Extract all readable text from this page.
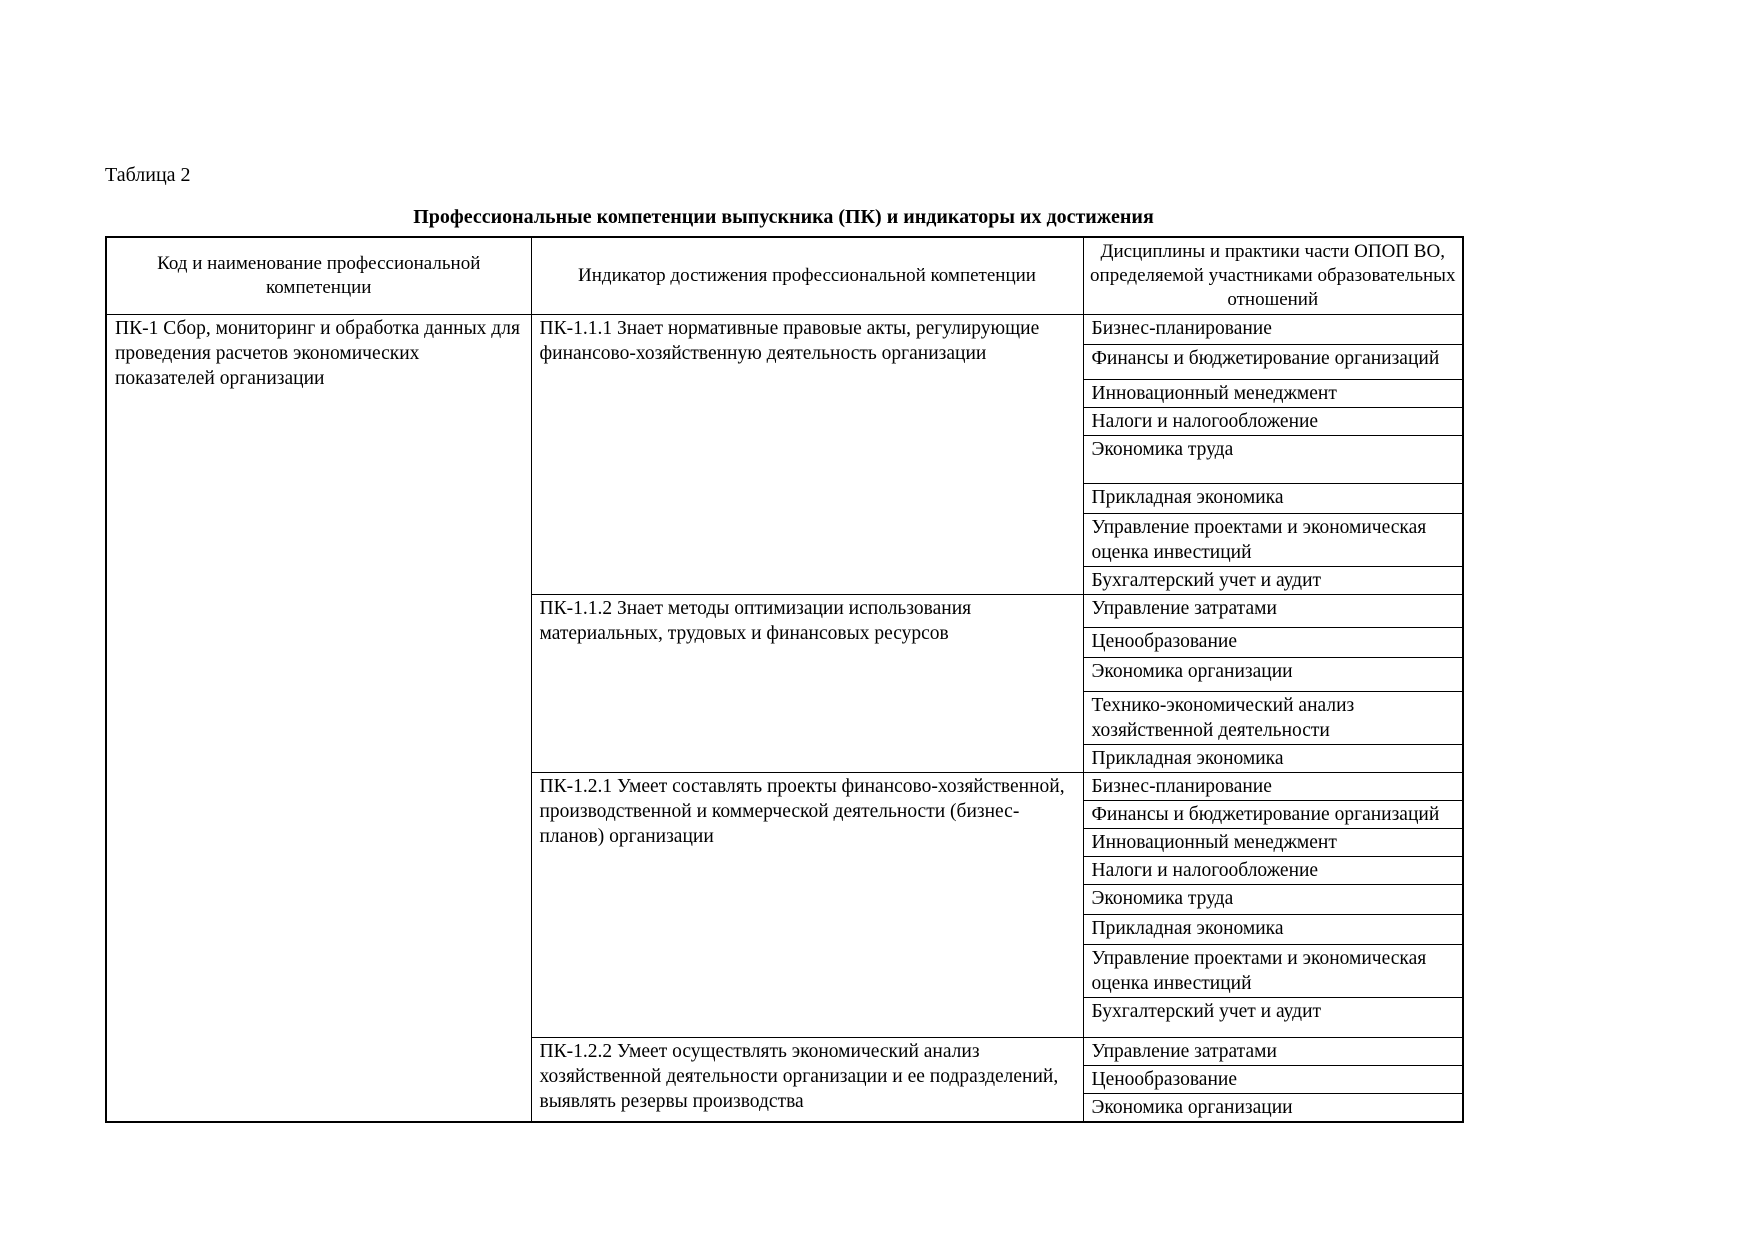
Таблица 2
Профессиональные компетенции выпускника (ПК) и индикаторы их достижения
Код и наименование профессиональной компетенции	Индикатор достижения профессиональной компетенции	Дисциплины и практики части ОПОП ВО, определяемой участниками образовательных отношений
ПК-1 Сбор, мониторинг и обработка данных для проведения расчетов экономических показателей организации	ПК-1.1.1 Знает нормативные правовые акты, регулирующие финансово-хозяйственную деятельность организации	Бизнес-планирование
		Финансы и бюджетирование организаций
		Инновационный менеджмент
		Налоги и налогообложение
		Экономика труда
		Прикладная экономика
		Управление проектами и экономическая оценка инвестиций
		Бухгалтерский учет и аудит
	ПК-1.1.2 Знает методы оптимизации использования материальных, трудовых и финансовых ресурсов	Управление затратами
		Ценообразование
		Экономика организации
		Технико-экономический анализ хозяйственной деятельности
		Прикладная экономика
	ПК-1.2.1 Умеет составлять проекты финансово-хозяйственной, производственной и коммерческой деятельности (бизнес-планов) организации	Бизнес-планирование
		Финансы и бюджетирование организаций
		Инновационный менеджмент
		Налоги и налогообложение
		Экономика труда
		Прикладная экономика
		Управление проектами и экономическая оценка инвестиций
		Бухгалтерский учет и аудит
	ПК-1.2.2 Умеет осуществлять экономический анализ хозяйственной деятельности организации и ее подразделений, выявлять резервы производства	Управление затратами
		Ценообразование
		Экономика организации
